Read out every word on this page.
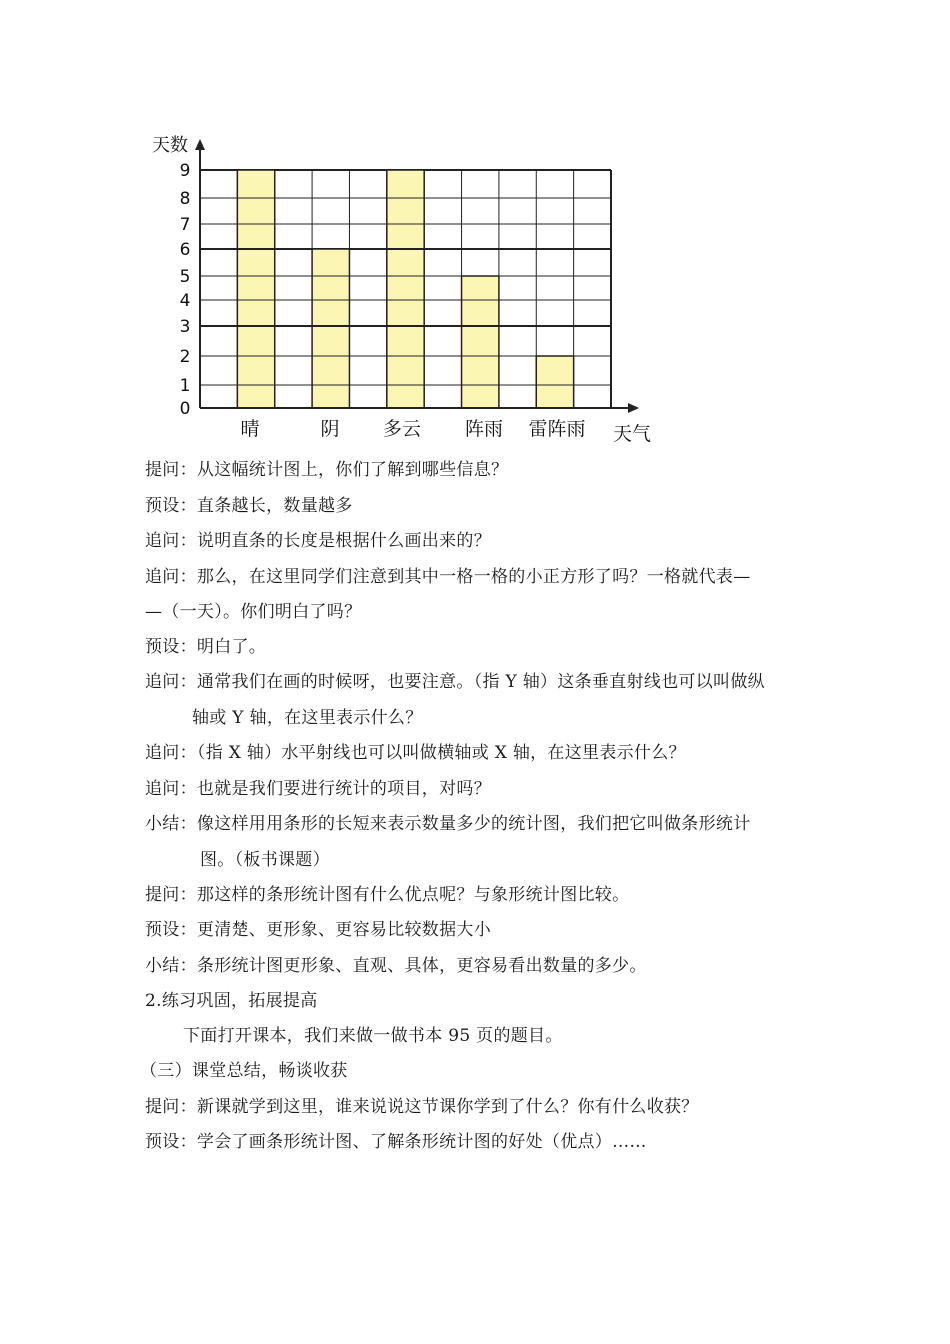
0
1
2
3
4
5
6
7
8
9
晴	阴 多云 阵雨 雷阵雨
天数
天气
提问：从这幅统计图上，你们了解到哪些信息？
预设：直条越长，数量越多
追问：说明直条的长度是根据什么画出来的？
追问：那么，在这里同学们注意到其中一格一格的小正方形了吗？一格就代表—
—（一天）。你们明白了吗？
预设：明白了。
追问：通常我们在画的时候呀，也要注意。（指 Y 轴）这条垂直射线也可以叫做纵
轴或 Y 轴，在这里表示什么？
追问：（指 X 轴）水平射线也可以叫做横轴或 X 轴，在这里表示什么？
追问：也就是我们要进行统计的项目，对吗？
小结：像这样用用条形的长短来表示数量多少的统计图，我们把它叫做条形统计
图。（板书课题）
提问：那这样的条形统计图有什么优点呢？与象形统计图比较。
预设：更清楚、更形象、更容易比较数据大小
小结：条形统计图更形象、直观、具体，更容易看出数量的多少。
2.练习巩固，拓展提高
下面打开课本，我们来做一做书本 95 页的题目。
（三）课堂总结，畅谈收获
提问：新课就学到这里，谁来说说这节课你学到了什么？你有什么收获？
预设：学会了画条形统计图、了解条形统计图的好处（优点）……
